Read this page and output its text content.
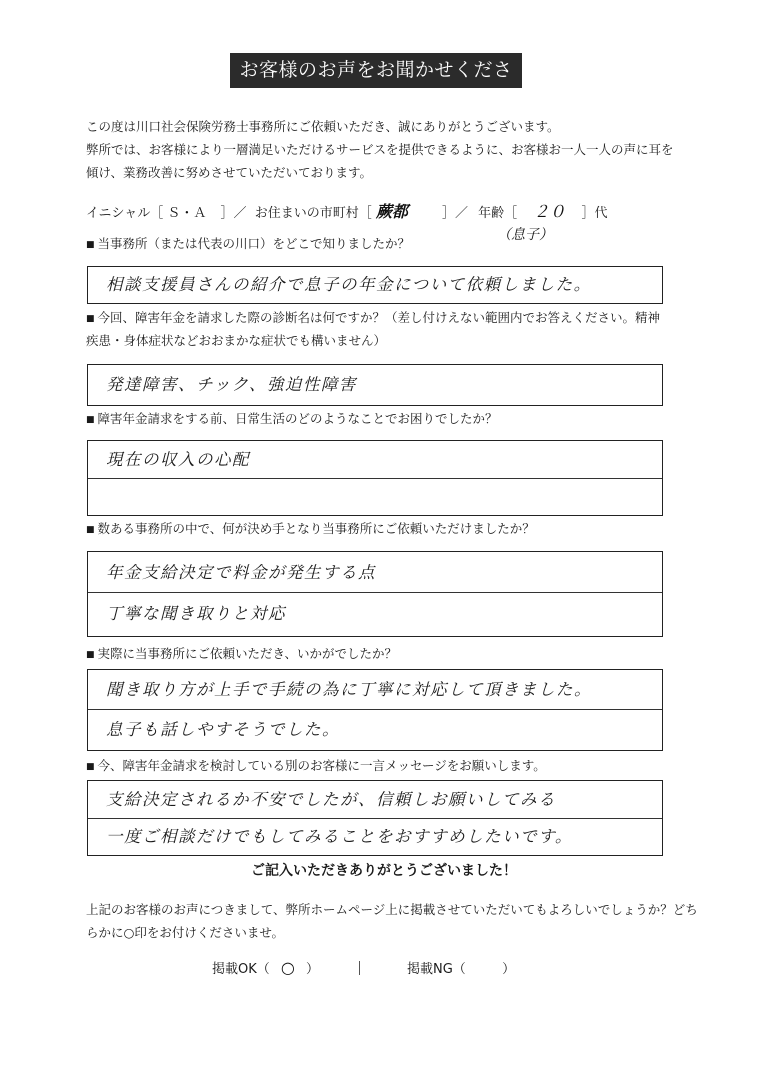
お客様のお声をお聞かせください
この度は川口社会保険労務士事務所にご依頼いただき、誠にありがとうございます。
弊所では、お客様により一層満足いただけるサービスを提供できるように、お客様お一人一人の声に耳を
傾け、業務改善に努めさせていただいております。
イニシャル［ Ｓ・Ａ ］／ お住まいの市町村［ 蕨都	］／ 年齢［ ２０ ］代
（息子）
■ 当事務所（または代表の川口）をどこで知りましたか？
相談支援員さんの紹介で息子の年金について依頼しました。
■ 今回、障害年金を請求した際の診断名は何ですか？（差し付けえない範囲内でお答えください。精神
疾患・身体症状などおおまかな症状でも構いません）
発達障害、チック、強迫性障害
■ 障害年金請求をする前、日常生活のどのようなことでお困りでしたか？
現在の収入の心配
■ 数ある事務所の中で、何が決め手となり当事務所にご依頼いただけましたか？
年金支給決定で料金が発生する点
丁寧な聞き取りと対応
■ 実際に当事務所にご依頼いただき、いかがでしたか？
聞き取り方が上手で手続の為に丁寧に対応して頂きました。
息子も話しやすそうでした。
■ 今、障害年金請求を検討している別のお客様に一言メッセージをお願いします。
支給決定されるか不安でしたが、信頼しお願いしてみる
一度ご相談だけでもしてみることをおすすめしたいです。
ご記入いただきありがとうございました！
上記のお客様のお声につきまして、弊所ホームページ上に掲載させていただいてもよろしいでしょうか？どち
らかに○印をお付けくださいませ。
掲載OK（ ○ ）	掲載NG（	）
